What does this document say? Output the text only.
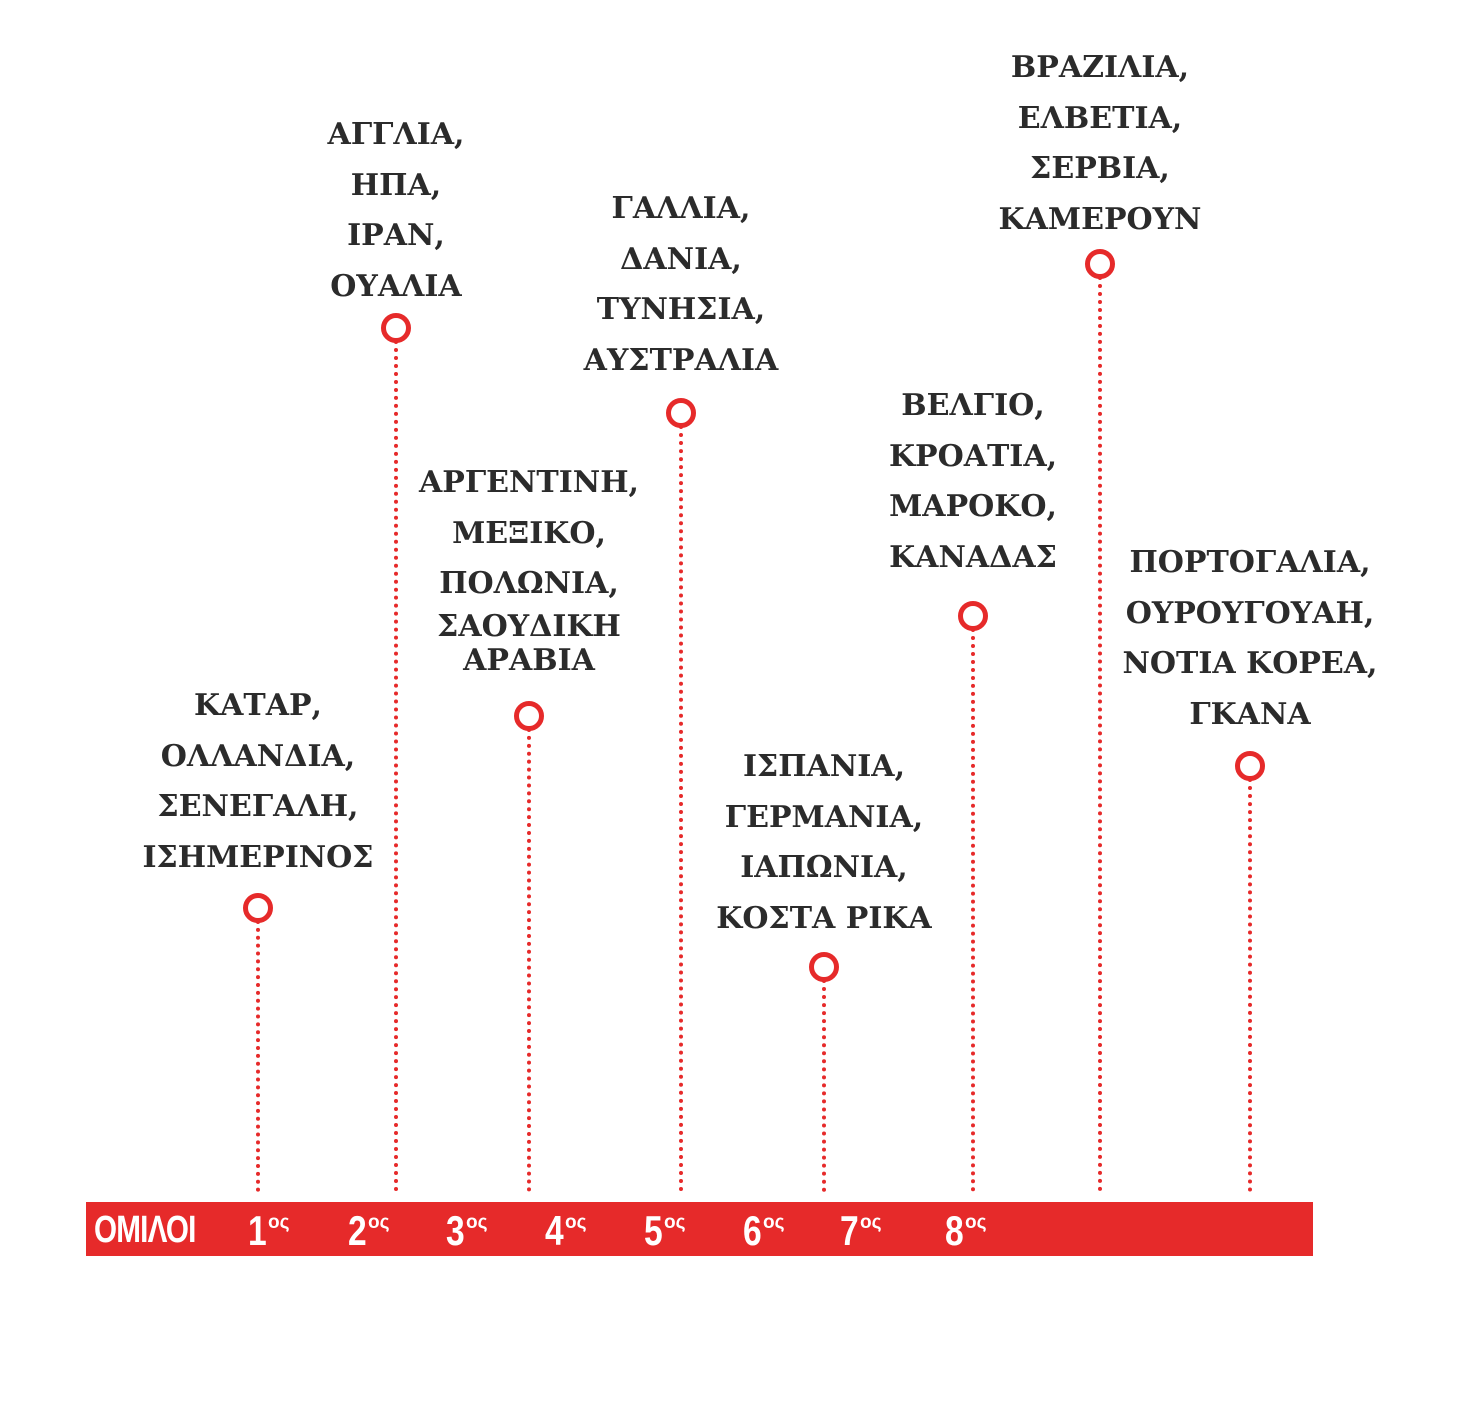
ΚΑΤΑΡ,
ΟΛΛΑΝΔΙΑ,
ΣΕΝΕΓΑΛΗ,
ΙΣΗΜΕΡΙΝΟΣ
ΑΓΓΛΙΑ,
ΗΠΑ,
ΙΡΑΝ,
ΟΥΑΛΙΑ
ΑΡΓΕΝΤΙΝΗ,
ΜΕΞΙΚΟ,
ΠΟΛΩΝΙΑ,
ΣΑΟΥΔΙΚΗ
ΑΡΑΒΙΑ
ΓΑΛΛΙΑ,
ΔΑΝΙΑ,
ΤΥΝΗΣΙΑ,
ΑΥΣΤΡΑΛΙΑ
ΙΣΠΑΝΙΑ,
ΓΕΡΜΑΝΙΑ,
ΙΑΠΩΝΙΑ,
ΚΟΣΤΑ ΡΙΚΑ
ΒΕΛΓΙΟ,
ΚΡΟΑΤΙΑ,
ΜΑΡΟΚΟ,
ΚΑΝΑΔΑΣ
ΒΡΑΖΙΛΙΑ,
ΕΛΒΕΤΙΑ,
ΣΕΡΒΙΑ,
ΚΑΜΕΡΟΥΝ
ΠΟΡΤΟΓΑΛΙΑ,
ΟΥΡΟΥΓΟΥΑΗ,
ΝΟΤΙΑ ΚΟΡΕΑ,
ΓΚΑΝΑ
ΟΜΙΛΟΙ 1 ος 2 ος 3 ος 4 ος 5 ος 6 ος 7 ος 8 ος
